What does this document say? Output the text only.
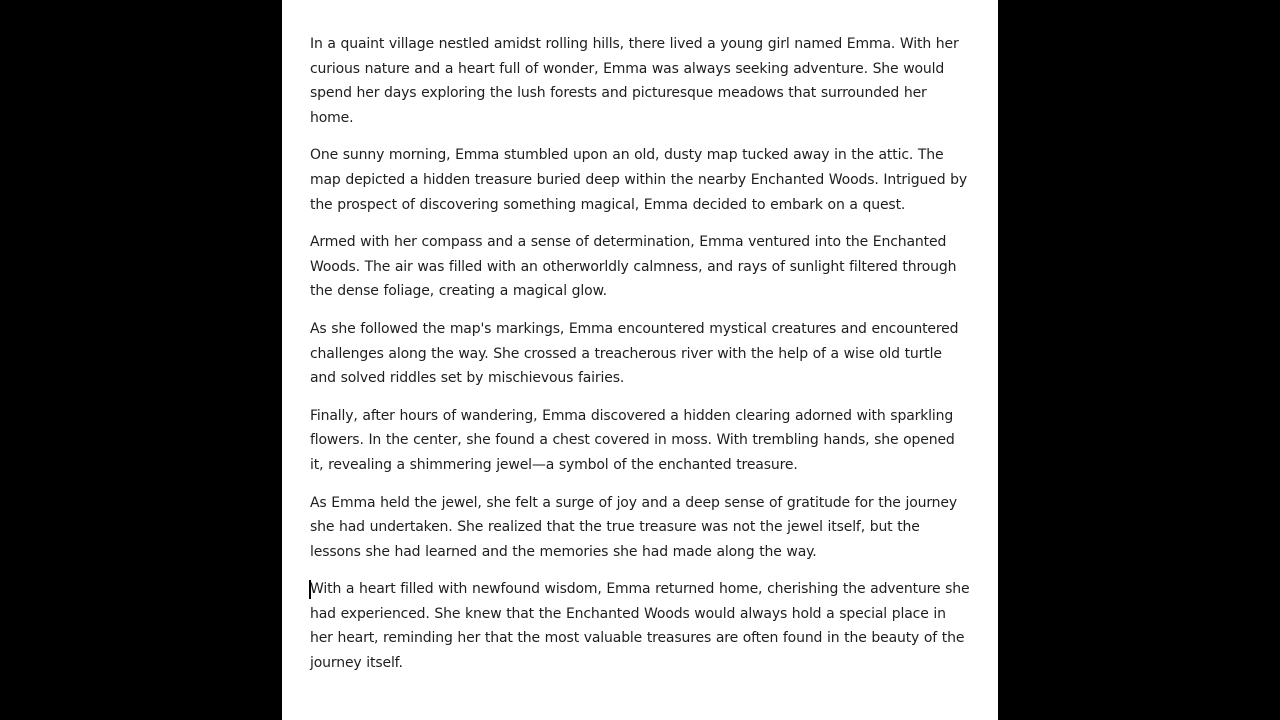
In a quaint village nestled amidst rolling hills, there lived a young girl named Emma. With her curious nature and a heart full of wonder, Emma was always seeking adventure. She would spend her days exploring the lush forests and picturesque meadows that surrounded her home.

One sunny morning, Emma stumbled upon an old, dusty map tucked away in the attic. The map depicted a hidden treasure buried deep within the nearby Enchanted Woods. Intrigued by the prospect of discovering something magical, Emma decided to embark on a quest.

Armed with her compass and a sense of determination, Emma ventured into the Enchanted Woods. The air was filled with an otherworldly calmness, and rays of sunlight filtered through the dense foliage, creating a magical glow.

As she followed the map's markings, Emma encountered mystical creatures and encountered challenges along the way. She crossed a treacherous river with the help of a wise old turtle and solved riddles set by mischievous fairies.

Finally, after hours of wandering, Emma discovered a hidden clearing adorned with sparkling flowers. In the center, she found a chest covered in moss. With trembling hands, she opened it, revealing a shimmering jewel—a symbol of the enchanted treasure.

As Emma held the jewel, she felt a surge of joy and a deep sense of gratitude for the journey she had undertaken. She realized that the true treasure was not the jewel itself, but the lessons she had learned and the memories she had made along the way.

With a heart filled with newfound wisdom, Emma returned home, cherishing the adventure she had experienced. She knew that the Enchanted Woods would always hold a special place in her heart, reminding her that the most valuable treasures are often found in the beauty of the journey itself.
